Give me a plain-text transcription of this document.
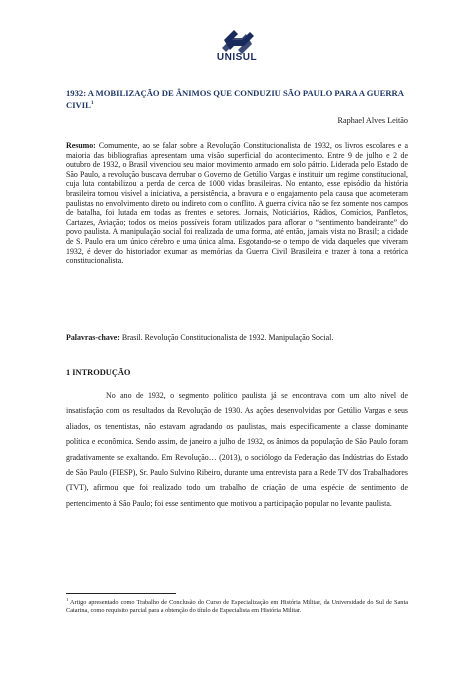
UNISUL
1932: A MOBILIZAÇÃO DE ÂNIMOS QUE CONDUZIU SÃO PAULO PARA A GUERRA CIVIL$^1$
Raphael Alves Leitão
Resumo: Comumente, ao se falar sobre a Revolução Constitucionalista de 1932, os livros escolares e a maioria das bibliografias apresentam uma visão superficial do acontecimento. Entre 9 de julho e 2 de outubro de 1932, o Brasil vivenciou seu maior movimento armado em solo pátrio. Liderada pelo Estado de São Paulo, a revolução buscava derrubar o Governo de Getúlio Vargas e instituir um regime constitucional, cuja luta contabilizou a perda de cerca de 1000 vidas brasileiras. No entanto, esse episódio da história brasileira tornou visível a iniciativa, a persistência, a bravura e o engajamento pela causa que acometeram paulistas no envolvimento direto ou indireto com o conflito. A guerra cívica não se fez somente nos campos de batalha, foi lutada em todas as frentes e setores. Jornais, Noticiários, Rádios, Comícios, Panfletos, Cartazes, Aviação; todos os meios possíveis foram utilizados para aflorar o “sentimento bandeirante” do povo paulista. A manipulação social foi realizada de uma forma, até então, jamais vista no Brasil; a cidade de S. Paulo era um único cérebro e uma única alma. Esgotando-se o tempo de vida daqueles que viveram 1932, é dever do historiador exumar as memórias da Guerra Civil Brasileira e trazer à tona a retórica constitucionalista.
Palavras-chave: Brasil. Revolução Constitucionalista de 1932. Manipulação Social.
1 INTRODUÇÃO

No ano de 1932, o segmento político paulista já se encontrava com um alto nível de insatisfação com os resultados da Revolução de 1930. As ações desenvolvidas por Getúlio Vargas e seus aliados, os tenentistas, não estavam agradando os paulistas, mais especificamente a classe dominante política e econômica. Sendo assim, de janeiro a julho de 1932, os ânimos da população de São Paulo foram gradativamente se exaltando. Em Revolução… (2013), o sociólogo da Federação das Indústrias do Estado de São Paulo (FIESP), Sr. Paulo Sulvino Ribeiro, durante uma entrevista para a Rede TV dos Trabalhadores (TVT), afirmou que foi realizado todo um trabalho de criação de uma espécie de sentimento de pertencimento à São Paulo; foi esse sentimento que motivou a participação popular no levante paulista.

$^1$ Artigo apresentado como Trabalho de Conclusão do Curso de Especialização em História Militar, da Universidade do Sul de Santa Catarina, como requisito parcial para a obtenção do título de Especialista em História Militar.
